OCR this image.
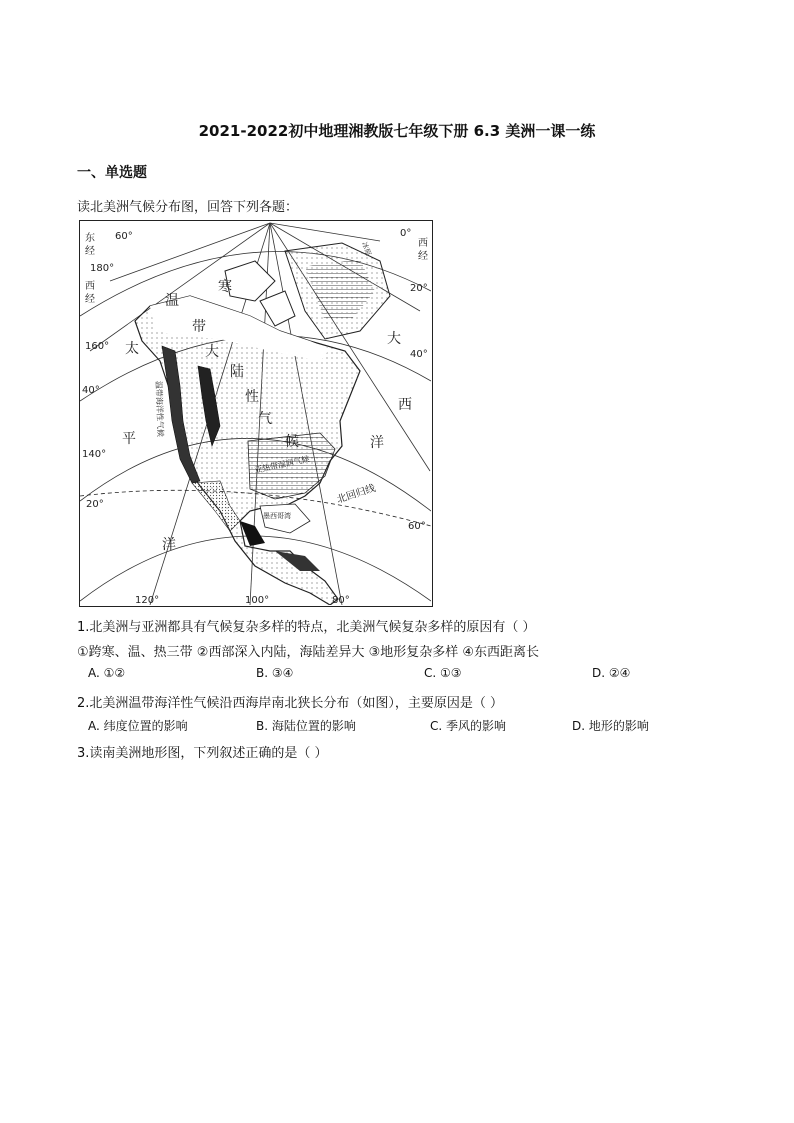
2021-2022初中地理湘教版七年级下册 6.3 美洲一课一练
一、单选题
读北美洲气候分布图，回答下列各题：
东
经
60°
180°
西
经
0°
西
经
20°
160°
40°
40°
140°
20°
60°
120°	100°	80°
太
平
洋
大
西
洋
寒
温
带
大
陆
性
气
候
温带海洋性气候
亚热带湿润气候
北回归线
墨西哥湾
冰原
1.北美洲与亚洲都具有气候复杂多样的特点，北美洲气候复杂多样的原因有（ ）
①跨寒、温、热三带 ②西部深入内陆，海陆差异大 ③地形复杂多样 ④东西距离长
A. ①②	B. ③④	C. ①③	D. ②④
2.北美洲温带海洋性气候沿西海岸南北狭长分布（如图），主要原因是（ ）
A. 纬度位置的影响	B. 海陆位置的影响	C. 季风的影响	D. 地形的影响
3.读南美洲地形图，下列叙述正确的是（ ）
